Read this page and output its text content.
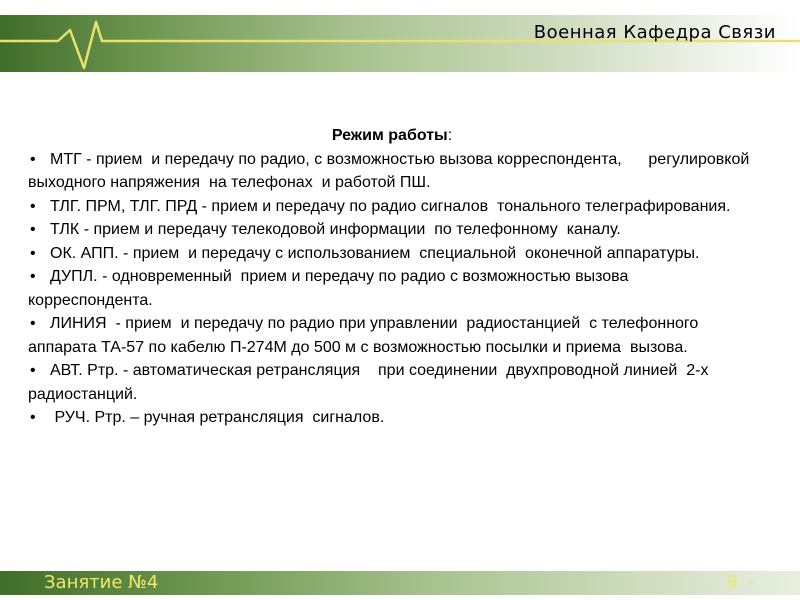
Военная Кафедра Связи
Режим работы:
• МТГ - прием  и передачу по радио, с возможностью вызова корреспондента,      регулировкой выходного напряжения  на телефонах  и работой ПШ.
• ТЛГ. ПРМ, ТЛГ. ПРД - прием и передачу по радио сигналов  тонального телеграфирования.
• ТЛК - прием и передачу телекодовой информации  по телефонному  каналу.
• ОК. АПП. - прием  и передачу с использованием  специальной  оконечной аппаратуры.
• ДУПЛ. - одновременный  прием и передачу по радио с возможностью вызова корреспондента.
• ЛИНИЯ  - прием  и передачу по радио при управлении  радиостанцией  с телефонного  аппарата ТА-57 по кабелю П-274М до 500 м с возможностью посылки и приема  вызова.
• АВТ. Ртр. - автоматическая ретрансляция    при соединении  двухпроводной линией  2-х радиостанций.
• РУЧ. Ртр. – ручная ретрансляция  сигналов.
Занятие №4	- 9 -
